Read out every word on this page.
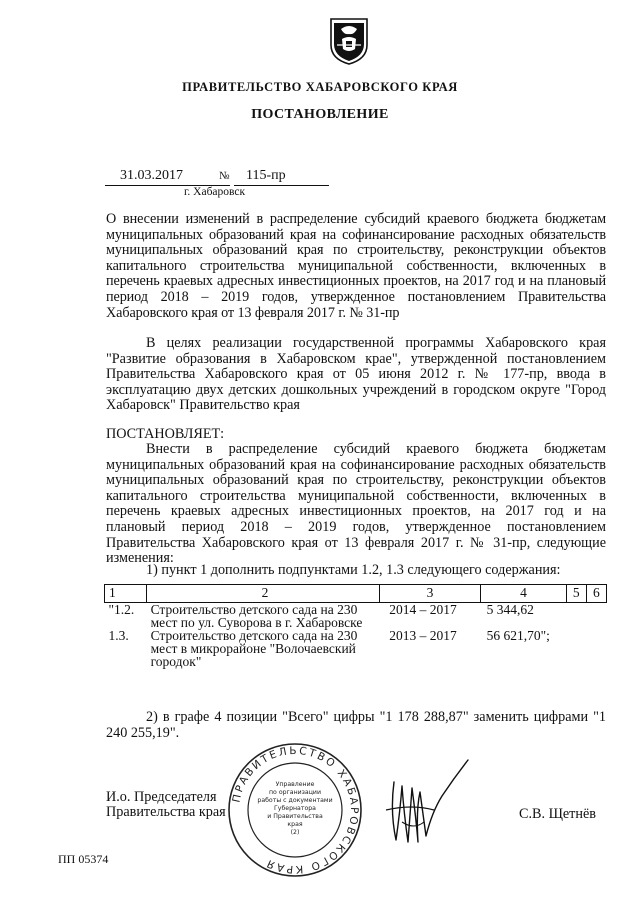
ПРАВИТЕЛЬСТВО ХАБАРОВСКОГО КРАЯ
ПОСТАНОВЛЕНИЕ
31.03.2017	№	115-пр
г. Хабаровск
О внесении изменений в распределение субсидий краевого бюджета бюджетам муниципальных образований края на софинансирование расходных обязательств муниципальных образований края по строительству, реконструкции объектов капитального строительства муниципальной собственности, включенных в перечень краевых адресных инвестиционных проектов, на 2017 год и на плановый период 2018 – 2019 годов, утвержденное постановлением Правительства Хабаровского края от 13 февраля 2017 г. № 31-пр
В целях реализации государственной программы Хабаровского края "Развитие образования в Хабаровском крае", утвержденной постановлением Правительства Хабаровского края от 05 июня 2012 г. № 177-пр, ввода в эксплуатацию двух детских дошкольных учреждений в городском округе "Город Хабаровск" Правительство края
ПОСТАНОВЛЯЕТ:
Внести в распределение субсидий краевого бюджета бюджетам муниципальных образований края на софинансирование расходных обязательств муниципальных образований края по строительству, реконструкции объектов капитального строительства муниципальной собственности, включенных в перечень краевых адресных инвестиционных проектов, на 2017 год и на плановый период 2018 – 2019 годов, утвержденное постановлением Правительства Хабаровского края от 13 февраля 2017 г. № 31-пр, следующие изменения:
1) пункт 1 дополнить подпунктами 1.2, 1.3 следующего содержания:
1	2	3	4	5	6
"1.2.	Строительство детского сада на 230 мест по ул. Суворова в г. Хабаровске	2014 – 2017	5 344,62		
1.3.	Строительство детского сада на 230 мест в микрорайоне "Волочаевский городок"	2013 – 2017	56 621,70";		
2) в графе 4 позиции "Всего" цифры "1 178 288,87" заменить цифрами "1 240 255,19".
ПРАВИТЕЛЬСТВО ХАБАРОВСКОГО КРАЯ
Управление
по организации
работы с документами
Губернатора
и Правительства
края
(2)
И.о. Председателя
Правительства края	С.В. Щетнёв
ПП 05374
